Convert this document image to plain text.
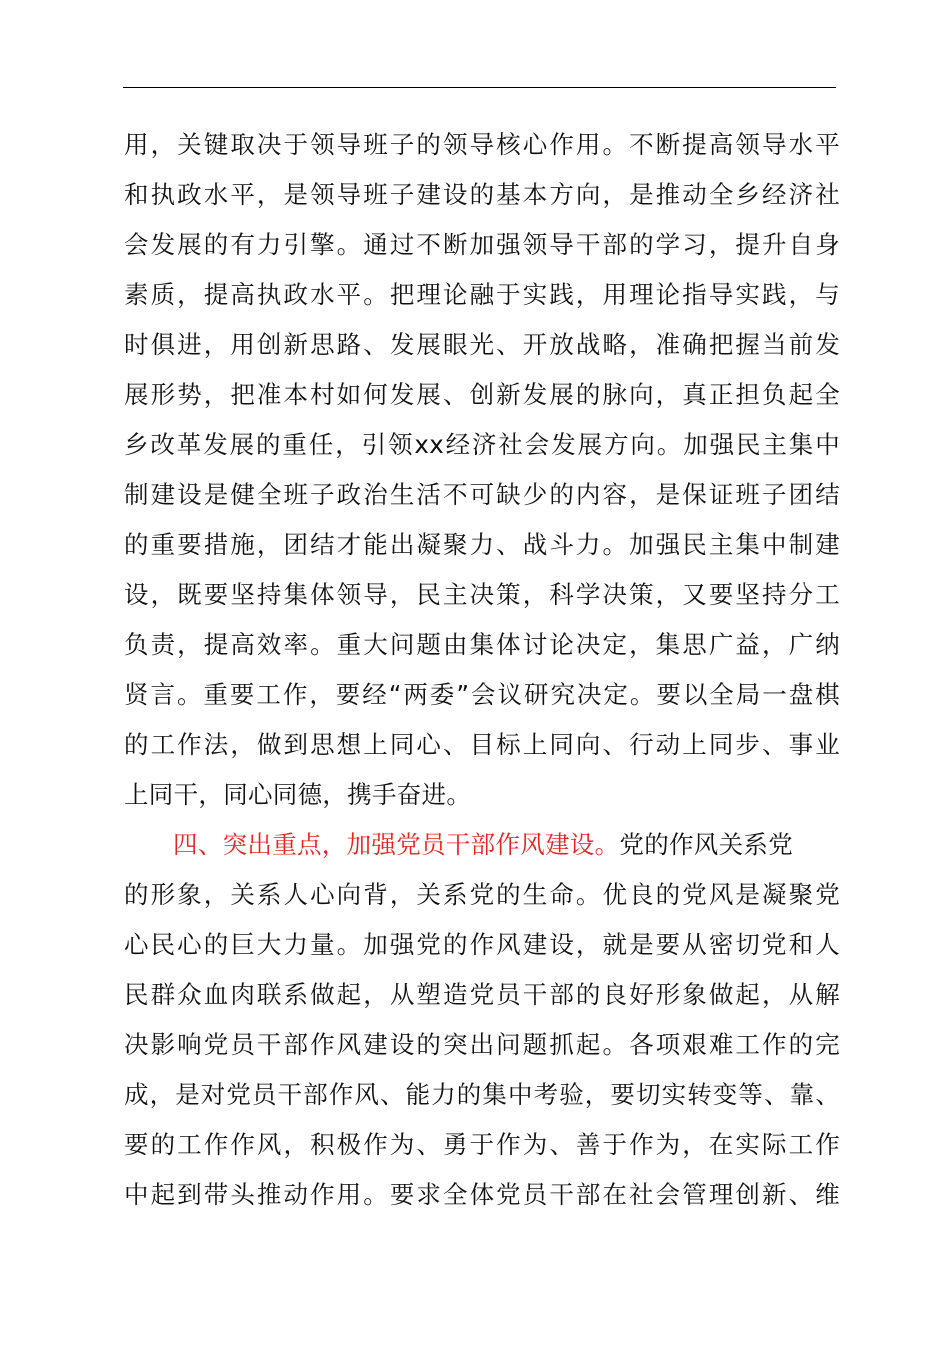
用，关键取决于领导班子的领导核心作用。不断提高领导水平
和执政水平，是领导班子建设的基本方向，是推动全乡经济社
会发展的有力引擎。通过不断加强领导干部的学习，提升自身
素质，提高执政水平。把理论融于实践，用理论指导实践，与
时俱进，用创新思路、发展眼光、开放战略，准确把握当前发
展形势，把准本村如何发展、创新发展的脉向，真正担负起全
乡改革发展的重任，引领xx经济社会发展方向。加强民主集中
制建设是健全班子政治生活不可缺少的内容，是保证班子团结
的重要措施，团结才能出凝聚力、战斗力。加强民主集中制建
设，既要坚持集体领导，民主决策，科学决策，又要坚持分工
负责，提高效率。重大问题由集体讨论决定，集思广益，广纳
贤言。重要工作，要经“两委”会议研究决定。要以全局一盘棋
的工作法，做到思想上同心、目标上同向、行动上同步、事业
上同干，同心同德，携手奋进。
四、突出重点，加强党员干部作风建设。党的作风关系党
的形象，关系人心向背，关系党的生命。优良的党风是凝聚党
心民心的巨大力量。加强党的作风建设，就是要从密切党和人
民群众血肉联系做起，从塑造党员干部的良好形象做起，从解
决影响党员干部作风建设的突出问题抓起。各项艰难工作的完
成，是对党员干部作风、能力的集中考验，要切实转变等、靠、
要的工作作风，积极作为、勇于作为、善于作为，在实际工作
中起到带头推动作用。要求全体党员干部在社会管理创新、维
